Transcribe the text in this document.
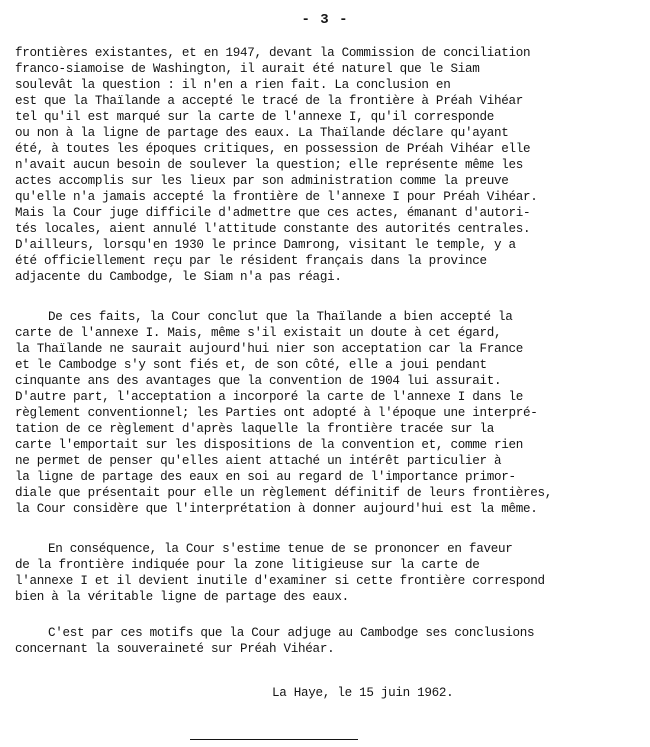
- 3 -
frontières existantes, et en 1947, devant la Commission de conciliation
franco-siamoise de Washington, il aurait été naturel que le Siam
soulevât la question : il n'en a rien fait. La conclusion en
est que la Thaïlande a accepté le tracé de la frontière à Préah Vihéar
tel qu'il est marqué sur la carte de l'annexe I, qu'il corresponde
ou non à la ligne de partage des eaux. La Thaïlande déclare qu'ayant
été, à toutes les époques critiques, en possession de Préah Vihéar elle
n'avait aucun besoin de soulever la question; elle représente même les
actes accomplis sur les lieux par son administration comme la preuve
qu'elle n'a jamais accepté la frontière de l'annexe I pour Préah Vihéar.
Mais la Cour juge difficile d'admettre que ces actes, émanant d'autori-
tés locales, aient annulé l'attitude constante des autorités centrales.
D'ailleurs, lorsqu'en 1930 le prince Damrong, visitant le temple, y a
été officiellement reçu par le résident français dans la province
adjacente du Cambodge, le Siam n'a pas réagi.
De ces faits, la Cour conclut que la Thaïlande a bien accepté la
carte de l'annexe I. Mais, même s'il existait un doute à cet égard,
la Thaïlande ne saurait aujourd'hui nier son acceptation car la France
et le Cambodge s'y sont fiés et, de son côté, elle a joui pendant
cinquante ans des avantages que la convention de 1904 lui assurait.
D'autre part, l'acceptation a incorporé la carte de l'annexe I dans le
règlement conventionnel; les Parties ont adopté à l'époque une interpré-
tation de ce règlement d'après laquelle la frontière tracée sur la
carte l'emportait sur les dispositions de la convention et, comme rien
ne permet de penser qu'elles aient attaché un intérêt particulier à
la ligne de partage des eaux en soi au regard de l'importance primor-
diale que présentait pour elle un règlement définitif de leurs frontières,
la Cour considère que l'interprétation à donner aujourd'hui est la même.
En conséquence, la Cour s'estime tenue de se prononcer en faveur
de la frontière indiquée pour la zone litigieuse sur la carte de
l'annexe I et il devient inutile d'examiner si cette frontière correspond
bien à la véritable ligne de partage des eaux.
C'est par ces motifs que la Cour adjuge au Cambodge ses conclusions
concernant la souveraineté sur Préah Vihéar.
La Haye, le 15 juin 1962.
